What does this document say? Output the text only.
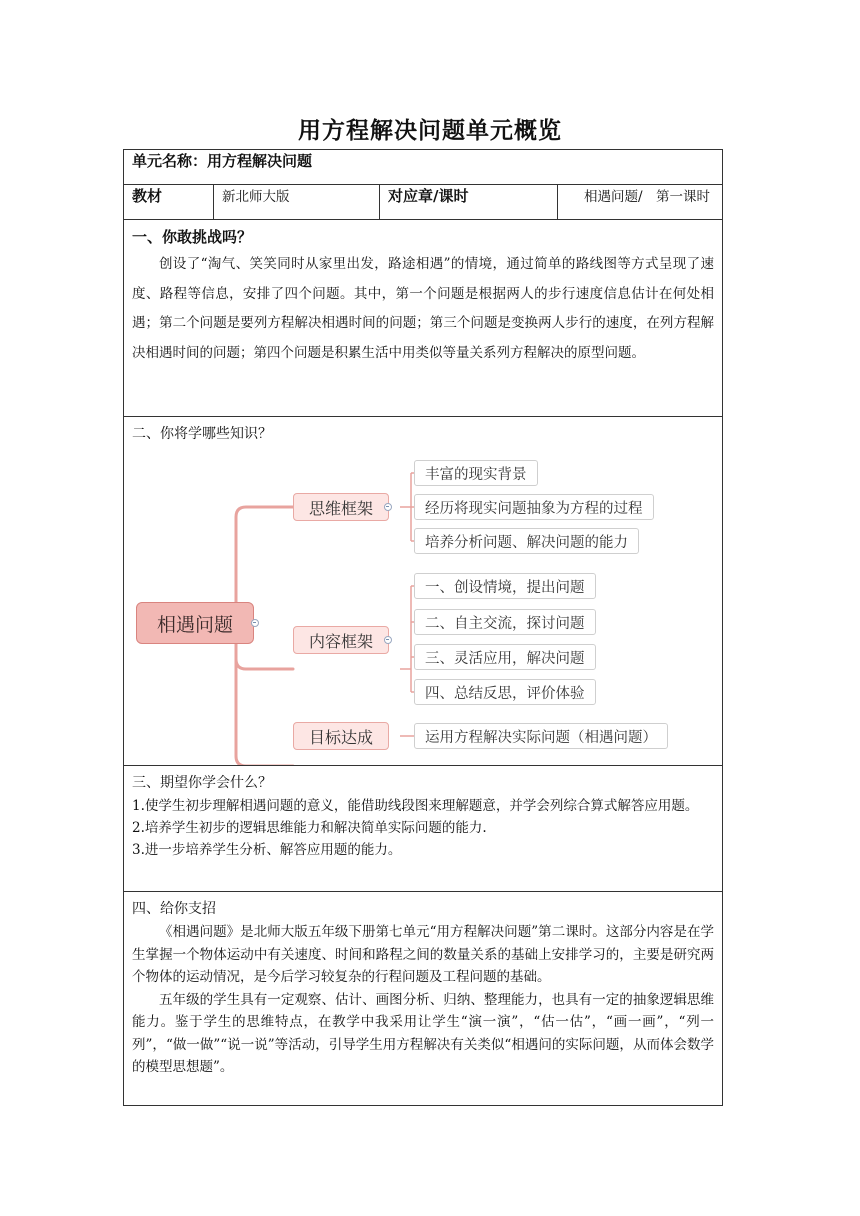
用方程解决问题单元概览
单元名称：用方程解决问题
教材	新北师大版	对应章/课时	相遇问题/　第一课时

一、你敢挑战吗？

创设了“淘气、笑笑同时从家里出发，路途相遇”的情境，通过简单的路线图等方式呈现了速度、路程等信息，安排了四个问题。其中，第一个问题是根据两人的步行速度信息估计在何处相遇；第二个问题是要列方程解决相遇时间的问题；第三个问题是变换两人步行的速度，在列方程解决相遇时间的问题；第四个问题是积累生活中用类似等量关系列方程解决的原型问题。

二、你将学哪些知识？
相遇问题
思维框架
内容框架
目标达成
丰富的现实背景
经历将现实问题抽象为方程的过程
培养分析问题、解决问题的能力
一、创设情境，提出问题
二、自主交流，探讨问题
三、灵活应用，解决问题
四、总结反思，评价体验
运用方程解决实际问题（相遇问题）

三、期望你学会什么？

1.使学生初步理解相遇问题的意义，能借助线段图来理解题意，并学会列综合算式解答应用题。

2.培养学生初步的逻辑思维能力和解决简单实际问题的能力.

3.进一步培养学生分析、解答应用题的能力。

四、给你支招

《相遇问题》是北师大版五年级下册第七单元“用方程解决问题”第二课时。这部分内容是在学生掌握一个物体运动中有关速度、时间和路程之间的数量关系的基础上安排学习的，主要是研究两个物体的运动情况，是今后学习较复杂的行程问题及工程问题的基础。

五年级的学生具有一定观察、估计、画图分析、归纳、整理能力，也具有一定的抽象逻辑思维能力。鉴于学生的思维特点，在教学中我采用让学生“演一演”，“估一估”，“画一画”，“列一列”，“做一做”“说一说”等活动，引导学生用方程解决有关类似“相遇问的实际问题，从而体会数学的模型思想题”。
